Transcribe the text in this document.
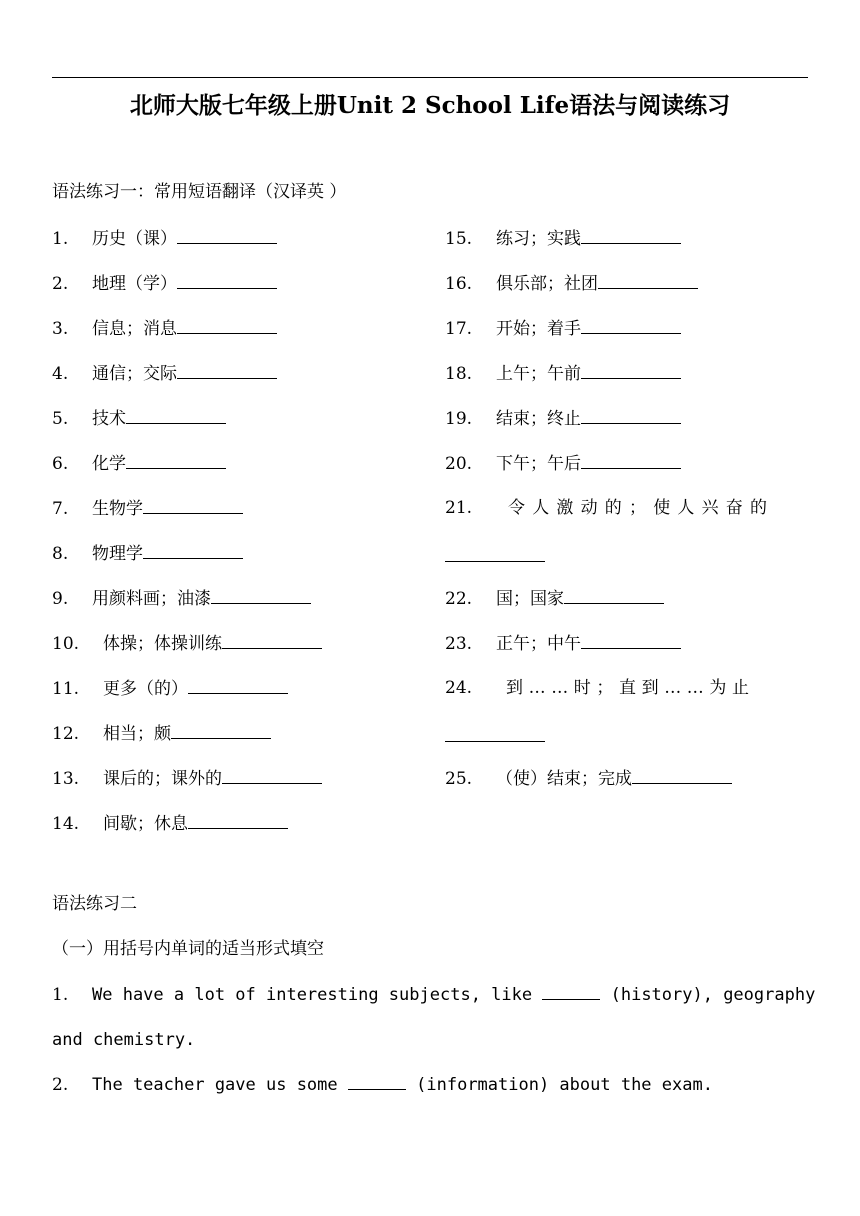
北师大版七年级上册Unit 2 School Life语法与阅读练习
语法练习一：常用短语翻译（汉译英 ）
1. 历史（课）
2. 地理（学）
3. 信息；消息
4. 通信；交际
5. 技术
6. 化学
7. 生物学
8. 物理学
9. 用颜料画；油漆
10. 体操；体操训练
11. 更多（的）
12. 相当；颇
13. 课后的；课外的
14. 间歇；休息
15. 练习；实践
16. 俱乐部；社团
17. 开始；着手
18. 上午；午前
19. 结束；终止
20. 下午；午后
21. 令人激动的；使人兴奋的
22. 国；国家
23. 正午；中午
24. 到……时；直到……为止
25. （使）结束；完成
语法练习二
（一）用括号内单词的适当形式填空
1. We have a lot of interesting subjects, like	(history), geography
and chemistry.
2. The teacher gave us some	(information) about the exam.
